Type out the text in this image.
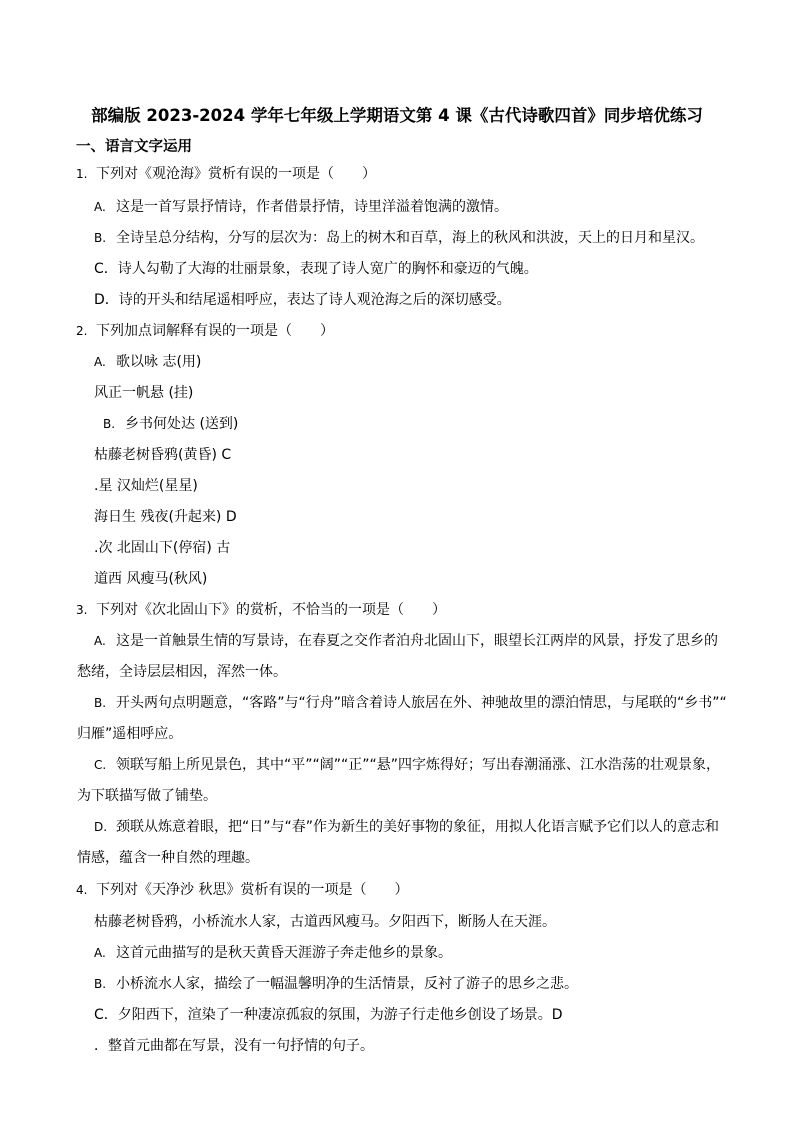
部编版 2023-2024 学年七年级上学期语文第 4 课《古代诗歌四首》同步培优练习
一、语言文字运用
1. 下列对《观沧海》赏析有误的一项是（　　）
A. 这是一首写景抒情诗，作者借景抒情，诗里洋溢着饱满的激情。
B. 全诗呈总分结构，分写的层次为：岛上的树木和百草，海上的秋风和洪波，天上的日月和星汉。
C．诗人勾勒了大海的壮丽景象，表现了诗人宽广的胸怀和豪迈的气魄。
D．诗的开头和结尾遥相呼应，表达了诗人观沧海之后的深切感受。
2. 下列加点词解释有误的一项是（　　）
A. 歌以咏 志(用)
风正一帆悬 (挂)
B. 乡书何处达 (送到)
枯藤老树昏鸦(黄昏) C
.星 汉灿烂(星星)
海日生 残夜(升起来) D
.次 北固山下(停宿) 古
道西 风瘦马(秋风)
3. 下列对《次北固山下》的赏析，不恰当的一项是（　　）
A. 这是一首触景生情的写景诗，在春夏之交作者泊舟北固山下，眼望长江两岸的风景，抒发了思乡的
愁绪，全诗层层相因，浑然一体。
B. 开头两句点明题意，“客路”与“行舟”暗含着诗人旅居在外、神驰故里的漂泊情思，与尾联的“乡书”“
归雁”遥相呼应。
C. 领联写船上所见景色，其中“平”“阔”“正”“悬”四字炼得好；写出春潮涌涨、江水浩荡的壮观景象，
为下联描写做了铺垫。
D. 颈联从炼意着眼，把“日”与“春”作为新生的美好事物的象征，用拟人化语言赋予它们以人的意志和
情感，蕴含一种自然的理趣。
4. 下列对《天净沙 秋思》赏析有误的一项是（　　）
枯藤老树昏鸦，小桥流水人家，古道西风瘦马。夕阳西下，断肠人在天涯。
A. 这首元曲描写的是秋天黄昏天涯游子奔走他乡的景象。
B. 小桥流水人家，描绘了一幅温馨明净的生活情景，反衬了游子的思乡之悲。
C．夕阳西下，渲染了一种凄凉孤寂的氛围，为游子行走他乡创设了场景。D
．整首元曲都在写景，没有一句抒情的句子。
